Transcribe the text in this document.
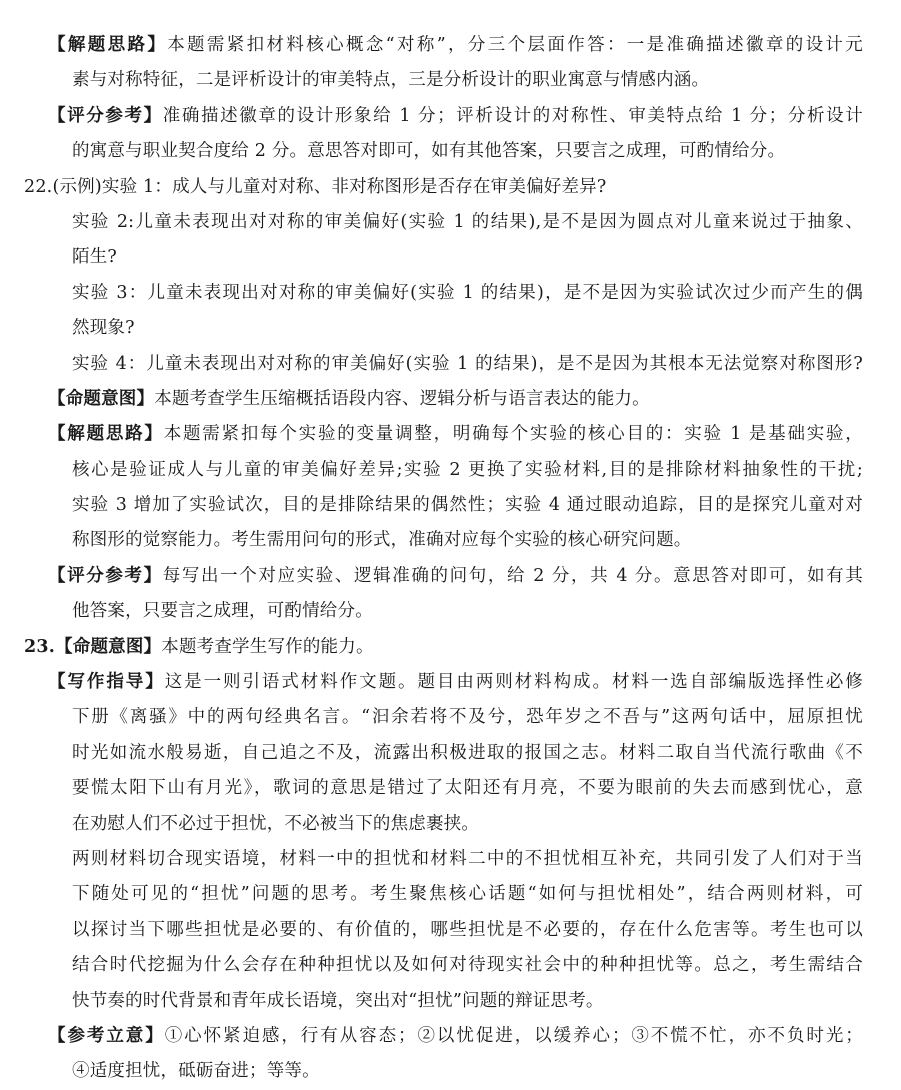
【解题思路】本题需紧扣材料核心概念“对称”，分三个层面作答：一是准确描述徽章的设计元
素与对称特征，二是评析设计的审美特点，三是分析设计的职业寓意与情感内涵。
【评分参考】准确描述徽章的设计形象给 1 分；评析设计的对称性、审美特点给 1 分；分析设计
的寓意与职业契合度给 2 分。意思答对即可，如有其他答案，只要言之成理，可酌情给分。
22.(示例)实验 1：成人与儿童对对称、非对称图形是否存在审美偏好差异?
实验 2:儿童未表现出对对称的审美偏好(实验 1 的结果),是不是因为圆点对儿童来说过于抽象、
陌生?
实验 3：儿童未表现出对对称的审美偏好(实验 1 的结果)，是不是因为实验试次过少而产生的偶
然现象?
实验 4：儿童未表现出对对称的审美偏好(实验 1 的结果)，是不是因为其根本无法觉察对称图形?
【命题意图】本题考查学生压缩概括语段内容、逻辑分析与语言表达的能力。
【解题思路】本题需紧扣每个实验的变量调整，明确每个实验的核心目的：实验 1 是基础实验，
核心是验证成人与儿童的审美偏好差异;实验 2 更换了实验材料,目的是排除材料抽象性的干扰;
实验 3 增加了实验试次，目的是排除结果的偶然性；实验 4 通过眼动追踪，目的是探究儿童对对
称图形的觉察能力。考生需用问句的形式，准确对应每个实验的核心研究问题。
【评分参考】每写出一个对应实验、逻辑准确的问句，给 2 分，共 4 分。意思答对即可，如有其
他答案，只要言之成理，可酌情给分。
23.【命题意图】本题考查学生写作的能力。
【写作指导】这是一则引语式材料作文题。题目由两则材料构成。材料一选自部编版选择性必修
下册《离骚》中的两句经典名言。“汩余若将不及兮，恐年岁之不吾与”这两句话中，屈原担忧
时光如流水般易逝，自己追之不及，流露出积极进取的报国之志。材料二取自当代流行歌曲《不
要慌太阳下山有月光》，歌词的意思是错过了太阳还有月亮，不要为眼前的失去而感到忧心，意
在劝慰人们不必过于担忧，不必被当下的焦虑裹挟。
两则材料切合现实语境，材料一中的担忧和材料二中的不担忧相互补充，共同引发了人们对于当
下随处可见的“担忧”问题的思考。考生聚焦核心话题“如何与担忧相处”，结合两则材料，可
以探讨当下哪些担忧是必要的、有价值的，哪些担忧是不必要的，存在什么危害等。考生也可以
结合时代挖掘为什么会存在种种担忧以及如何对待现实社会中的种种担忧等。总之，考生需结合
快节奏的时代背景和青年成长语境，突出对“担忧”问题的辩证思考。
【参考立意】①心怀紧迫感，行有从容态；②以忧促进，以缓养心；③不慌不忙，亦不负时光；
④适度担忧，砥砺奋进；等等。
